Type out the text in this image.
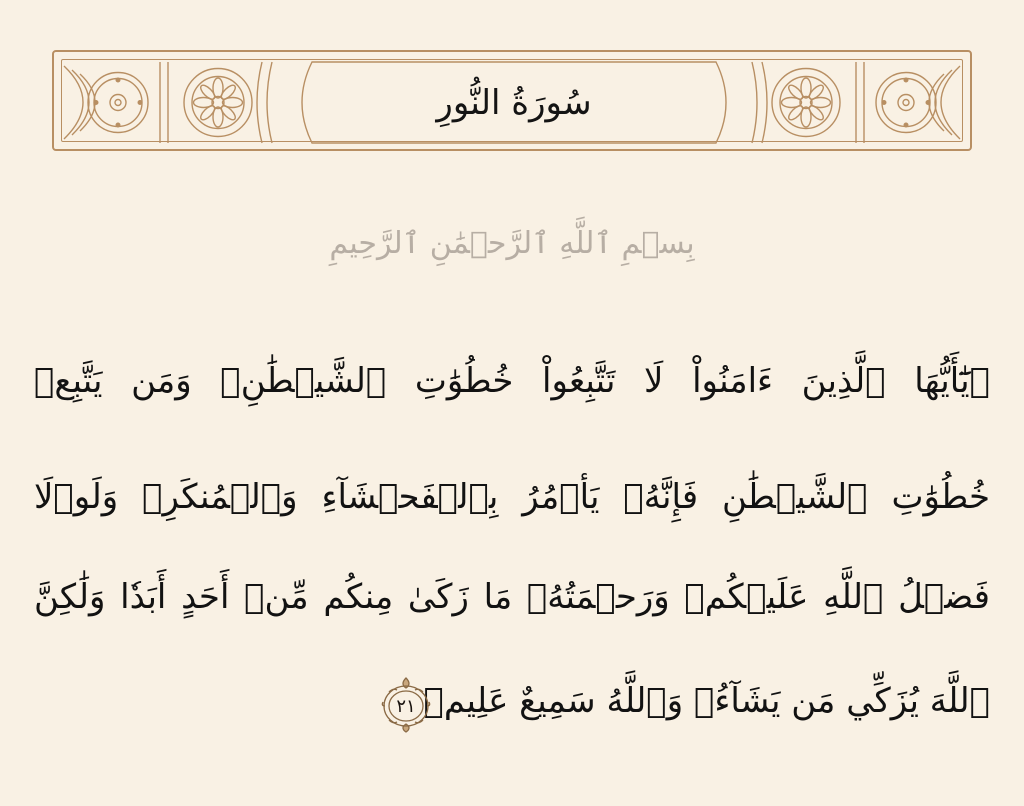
سُورَةُ النُّورِ
بِسۡمِ ٱللَّهِ ٱلرَّحۡمَٰنِ ٱلرَّحِيمِ
۞يَٰٓأَيُّهَا ٱلَّذِينَ ءَامَنُواْ لَا تَتَّبِعُواْ خُطُوَٰتِ ٱلشَّيۡطَٰنِۚ وَمَن يَتَّبِعۡ
خُطُوَٰتِ ٱلشَّيۡطَٰنِ فَإِنَّهُۥ يَأۡمُرُ بِٱلۡفَحۡشَآءِ وَٱلۡمُنكَرِۚ وَلَوۡلَا
فَضۡلُ ٱللَّهِ عَلَيۡكُمۡ وَرَحۡمَتُهُۥ مَا زَكَىٰ مِنكُم مِّنۡ أَحَدٍ أَبَدٗا وَلَٰكِنَّ
ٱللَّهَ يُزَكِّي مَن يَشَآءُۗ وَٱللَّهُ سَمِيعٌ عَلِيمٞ
٢١
